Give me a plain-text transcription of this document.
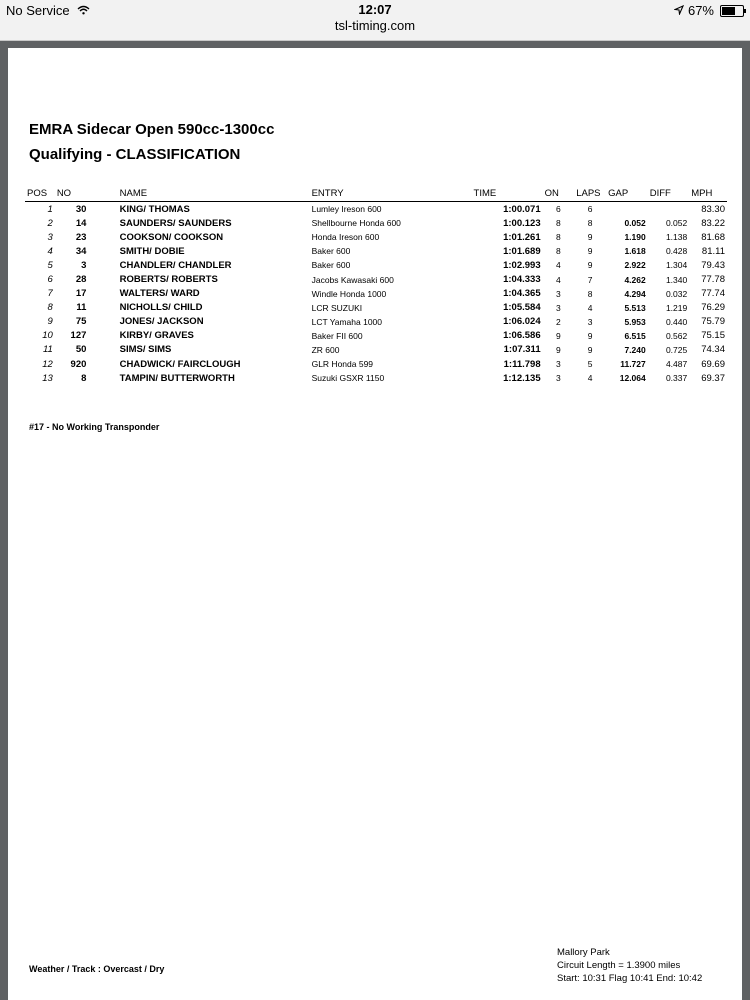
No Service	12:07
tsl-timing.com
67%
EMRA Sidecar Open 590cc-1300cc
Qualifying - CLASSIFICATION
POS	NO		NAME	ENTRY	TIME	ON	LAPS	GAP	DIFF	MPH
1	30		KING/ THOMAS	Lumley Ireson 600	1:00.071	6	6			83.30
2	14		SAUNDERS/ SAUNDERS	Shellbourne Honda 600	1:00.123	8	8	0.052	0.052	83.22
3	23		COOKSON/ COOKSON	Honda Ireson 600	1:01.261	8	9	1.190	1.138	81.68
4	34		SMITH/ DOBIE	Baker 600	1:01.689	8	9	1.618	0.428	81.11
5	3		CHANDLER/ CHANDLER	Baker 600	1:02.993	4	9	2.922	1.304	79.43
6	28		ROBERTS/ ROBERTS	Jacobs Kawasaki 600	1:04.333	4	7	4.262	1.340	77.78
7	17		WALTERS/ WARD	Windle Honda 1000	1:04.365	3	8	4.294	0.032	77.74
8	11		NICHOLLS/ CHILD	LCR SUZUKI	1:05.584	3	4	5.513	1.219	76.29
9	75		JONES/ JACKSON	LCT Yamaha 1000	1:06.024	2	3	5.953	0.440	75.79
10	127		KIRBY/ GRAVES	Baker FII 600	1:06.586	9	9	6.515	0.562	75.15
11	50		SIMS/ SIMS	ZR 600	1:07.311	9	9	7.240	0.725	74.34
12	920		CHADWICK/ FAIRCLOUGH	GLR Honda 599	1:11.798	3	5	11.727	4.487	69.69
13	8		TAMPIN/ BUTTERWORTH	Suzuki GSXR 1150	1:12.135	3	4	12.064	0.337	69.37
#17 - No Working Transponder
Weather / Track : Overcast / Dry
Mallory Park
Circuit Length = 1.3900 miles
Start: 10:31 Flag 10:41 End: 10:42
